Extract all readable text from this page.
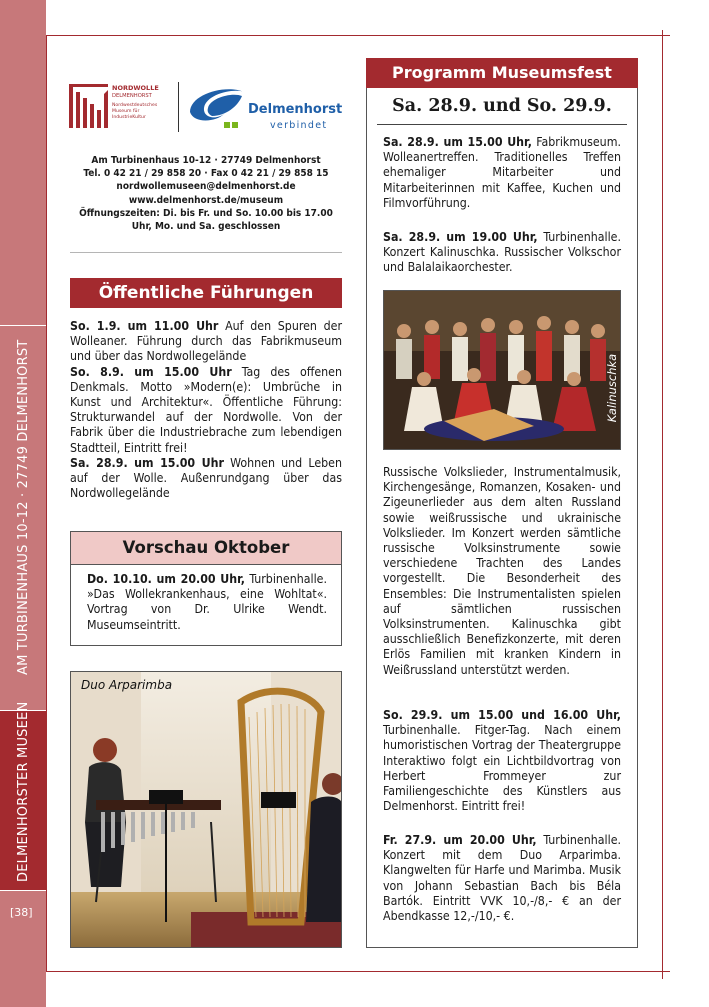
AM TURBINENHAUS 10-12 · 27749 DELMENHORST
DELMENHORSTER MUSEEN
[38]
NORDWOLLE
DELMENHORST
Nordwestdeutsches
Museum für
IndustrieKultur
Delmenhorst
verbindet
Am Turbinenhaus 10-12 · 27749 Delmenhorst
Tel. 0 42 21 / 29 858 20 · Fax 0 42 21 / 29 858 15
nordwollemuseen@delmenhorst.de
www.delmenhorst.de/museum
Öffnungszeiten: Di. bis Fr. und So. 10.00 bis 17.00
Uhr, Mo. und Sa. geschlossen
Öffentliche Führungen

So. 1.9. um 11.00 Uhr Auf den Spuren der Wolleaner. Führung durch das Fabrikmuseum und über das Nordwollegelände

So. 8.9. um 15.00 Uhr Tag des offenen Denkmals. Motto »Modern(e): Umbrüche in Kunst und Architektur«. Öffentliche Führung: Strukturwandel auf der Nordwolle. Von der Fabrik über die Industriebrache zum lebendigen Stadtteil, Eintritt frei!

Sa. 28.9. um 15.00 Uhr Wohnen und Leben auf der Wolle. Außenrundgang über das Nordwollegelände

Vorschau Oktober

Do. 10.10. um 20.00 Uhr, Turbinenhalle. »Das Wollekrankenhaus, eine Wohltat«. Vortrag von Dr. Ulrike Wendt. Museumseintritt.

Duo Arparimba
Programm Museumsfest
Sa. 28.9. und So. 29.9.

Sa. 28.9. um 15.00 Uhr, Fabrikmuseum. Wolleanertreffen. Traditionelles Treffen ehemaliger Mitarbeiter und Mitarbeiterinnen mit Kaffee, Kuchen und Filmvorführung.

Sa. 28.9. um 19.00 Uhr, Turbinenhalle. Konzert Kalinuschka. Russischer Volkschor und Balalaikaorchester.

Kalinuschka

Russische Volkslieder, Instrumentalmusik, Kirchengesänge, Romanzen, Kosaken- und Zigeunerlieder aus dem alten Russland sowie weißrussische und ukrainische Volkslieder. Im Konzert werden sämtliche russische Volksinstrumente sowie verschiedene Trachten des Landes vorgestellt. Die Besonderheit des Ensembles: Die Instrumentalisten spielen auf sämtlichen russischen Volksinstrumenten. Kalinuschka gibt ausschließlich Benefizkonzerte, mit deren Erlös Familien mit kranken Kindern in Weißrussland unterstützt werden.

So. 29.9. um 15.00 und 16.00 Uhr, Turbinenhalle. Fitger-Tag. Nach einem humoristischen Vortrag der Theatergruppe Interaktiwo folgt ein Lichtbildvortrag von Herbert Frommeyer zur Familiengeschichte des Künstlers aus Delmenhorst. Eintritt frei!

Fr. 27.9. um 20.00 Uhr, Turbinenhalle. Konzert mit dem Duo Arparimba. Klangwelten für Harfe und Marimba. Musik von Johann Sebastian Bach bis Béla Bartók. Eintritt VVK 10,-/8,- € an der Abendkasse 12,-/10,- €.
